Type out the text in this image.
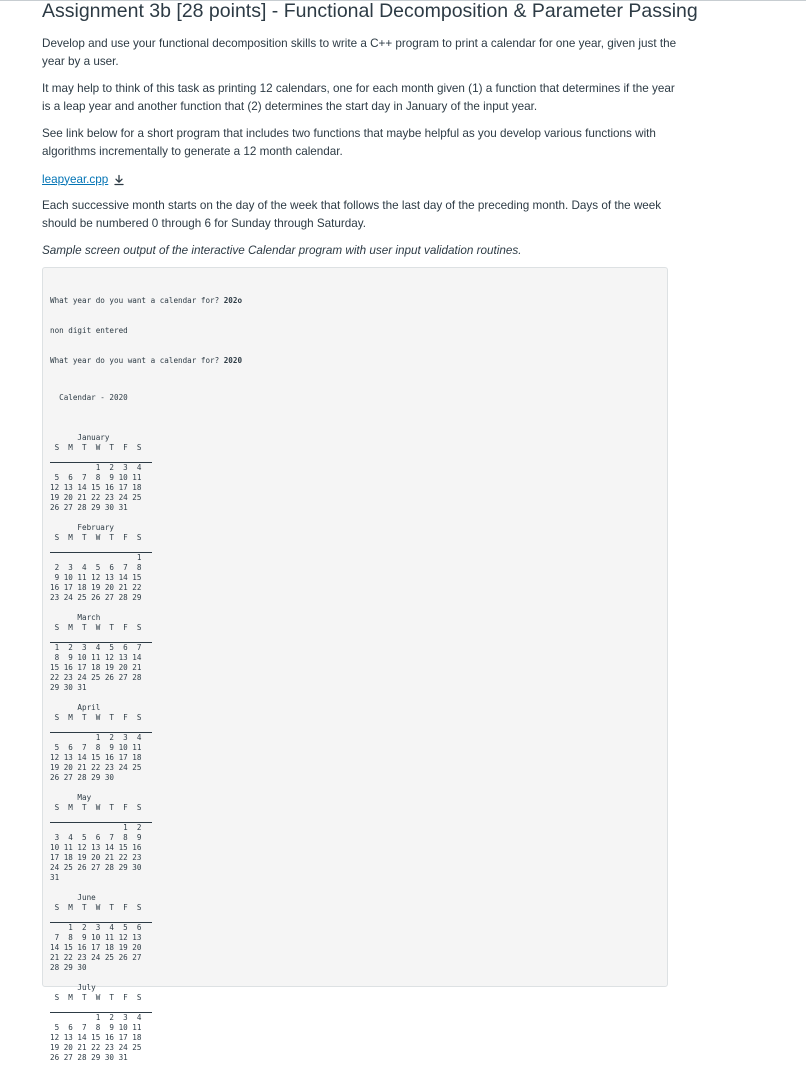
Assignment 3b [28 points] - Functional Decomposition & Parameter Passing

Develop and use your functional decomposition skills to write a C++ program to print a calendar for one year, given just the year by a user.

It may help to think of this task as printing 12 calendars, one for each month given (1) a function that determines if the year is a leap year and another function that (2) determines the start day in January of the input year.

See link below for a short program that includes two functions that maybe helpful as you develop various functions with algorithms incrementally to generate a 12 month calendar.

leapyear.cpp

Each successive month starts on the day of the week that follows the last day of the preceding month. Days of the week should be numbered 0 through 6 for Sunday through Saturday.

Sample screen output of the interactive Calendar program with user input validation routines.

What year do you want a calendar for? 202o

non digit entered

What year do you want a calendar for? 2020

Calendar - 2020

January
S  M  T  W  T  F  S
1  2  3  4
5  6  7  8  9 10 11
12 13 14 15 16 17 18
19 20 21 22 23 24 25
26 27 28 29 30 31
February
S  M  T  W  T  F  S
1
2  3  4  5  6  7  8
9 10 11 12 13 14 15
16 17 18 19 20 21 22
23 24 25 26 27 28 29
March
S  M  T  W  T  F  S
1  2  3  4  5  6  7
8  9 10 11 12 13 14
15 16 17 18 19 20 21
22 23 24 25 26 27 28
29 30 31
April
S  M  T  W  T  F  S
1  2  3  4
5  6  7  8  9 10 11
12 13 14 15 16 17 18
19 20 21 22 23 24 25
26 27 28 29 30
May
S  M  T  W  T  F  S
1  2
3  4  5  6  7  8  9
10 11 12 13 14 15 16
17 18 19 20 21 22 23
24 25 26 27 28 29 30
31
June
S  M  T  W  T  F  S
1  2  3  4  5  6
7  8  9 10 11 12 13
14 15 16 17 18 19 20
21 22 23 24 25 26 27
28 29 30
July
S  M  T  W  T  F  S
1  2  3  4
5  6  7  8  9 10 11
12 13 14 15 16 17 18
19 20 21 22 23 24 25
26 27 28 29 30 31
